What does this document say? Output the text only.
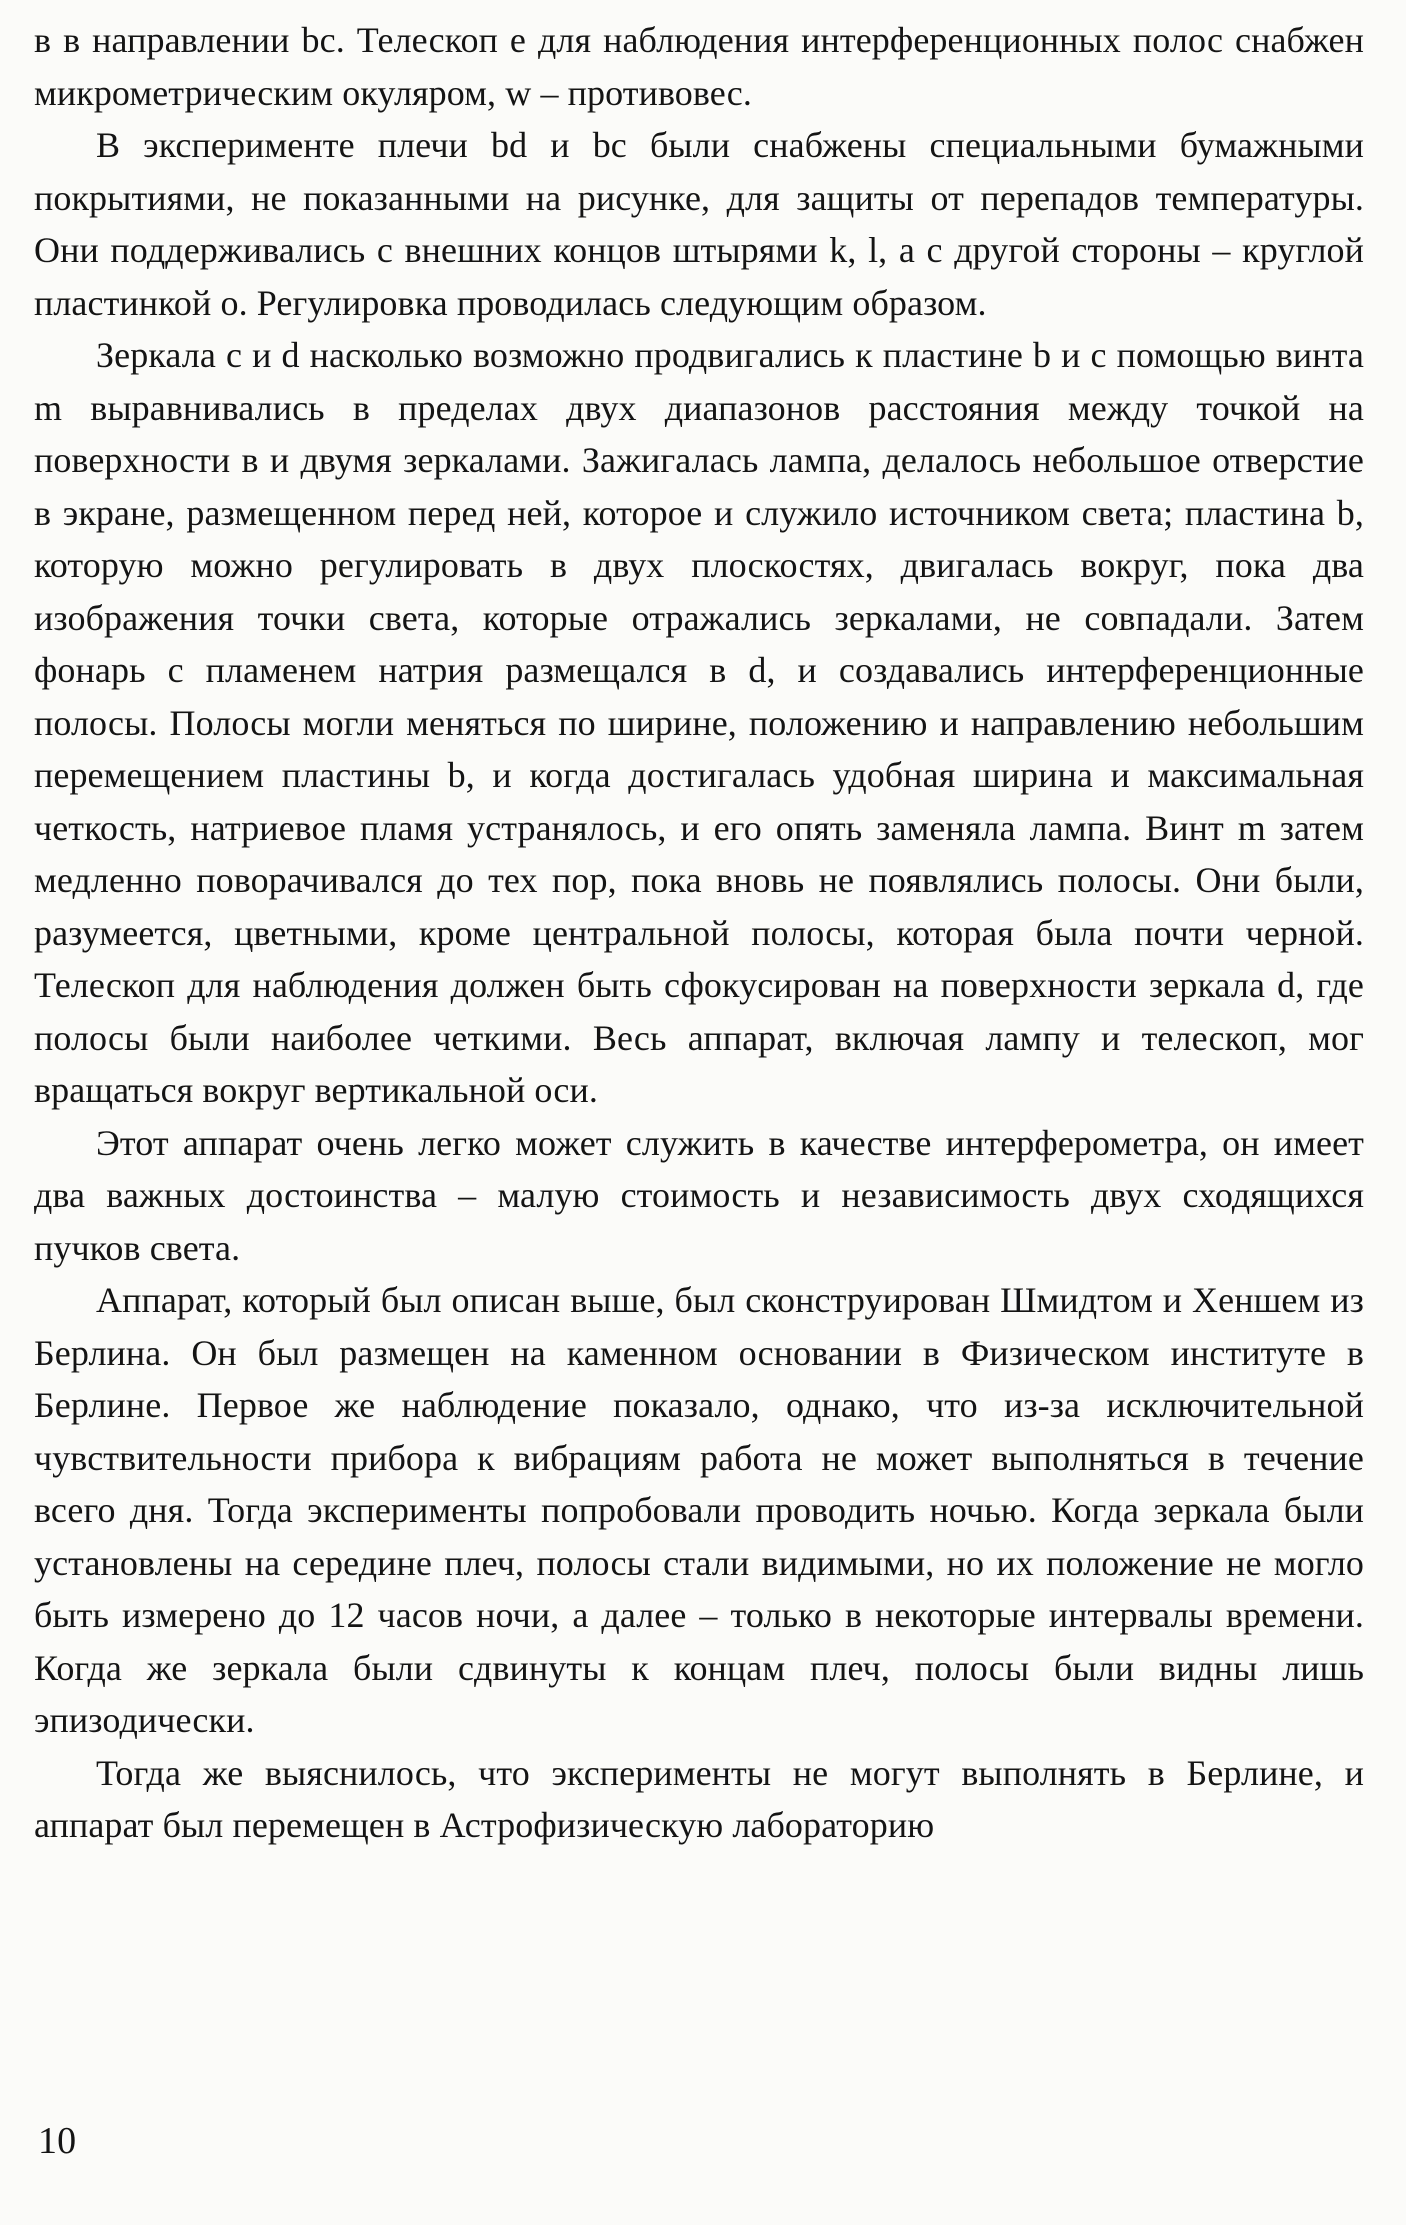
в в направлении bc. Телескоп e для наблюдения интерференционных полос снабжен микрометрическим окуляром, w – противовес.

В эксперименте плечи bd и bc были снабжены специальными бумажными покрытиями, не показанными на рисунке, для защиты от перепадов температуры. Они поддерживались с внешних концов штырями k, l, а с другой стороны – круглой пластинкой o. Регулировка проводилась следующим образом.

Зеркала c и d насколько возможно продвигались к пластине b и с помощью винта m выравнивались в пределах двух диапазонов расстояния между точкой на поверхности в и двумя зеркалами. Зажигалась лампа, делалось небольшое отверстие в экране, размещенном перед ней, которое и служило источником света; пластина b, которую можно регулировать в двух плоскостях, двигалась вокруг, пока два изображения точки света, которые отражались зеркалами, не совпадали. Затем фонарь с пламенем натрия размещался в d, и создавались интерференционные полосы. Полосы могли меняться по ширине, положению и направлению небольшим перемещением пластины b, и когда достигалась удобная ширина и максимальная четкость, натриевое пламя устранялось, и его опять заменяла лампа. Винт m затем медленно поворачивался до тех пор, пока вновь не появлялись полосы. Они были, разумеется, цветными, кроме центральной полосы, которая была почти черной. Телескоп для наблюдения должен быть сфокусирован на поверхности зеркала d, где полосы были наиболее четкими. Весь аппарат, включая лампу и телескоп, мог вращаться вокруг вертикальной оси.

Этот аппарат очень легко может служить в качестве интерферометра, он имеет два важных достоинства – малую стоимость и независимость двух сходящихся пучков света.

Аппарат, который был описан выше, был сконструирован Шмидтом и Хеншем из Берлина. Он был размещен на каменном основании в Физическом институте в Берлине. Первое же наблюдение показало, однако, что из-за исключительной чувствительности прибора к вибрациям работа не может выполняться в течение всего дня. Тогда эксперименты попробовали проводить ночью. Когда зеркала были установлены на середине плеч, полосы стали видимыми, но их положение не могло быть измерено до 12 часов ночи, а далее – только в некоторые интервалы времени. Когда же зеркала были сдвинуты к концам плеч, полосы были видны лишь эпизодически.

Тогда же выяснилось, что эксперименты не могут выполнять в Берлине, и аппарат был перемещен в Астрофизическую лабораторию

10
